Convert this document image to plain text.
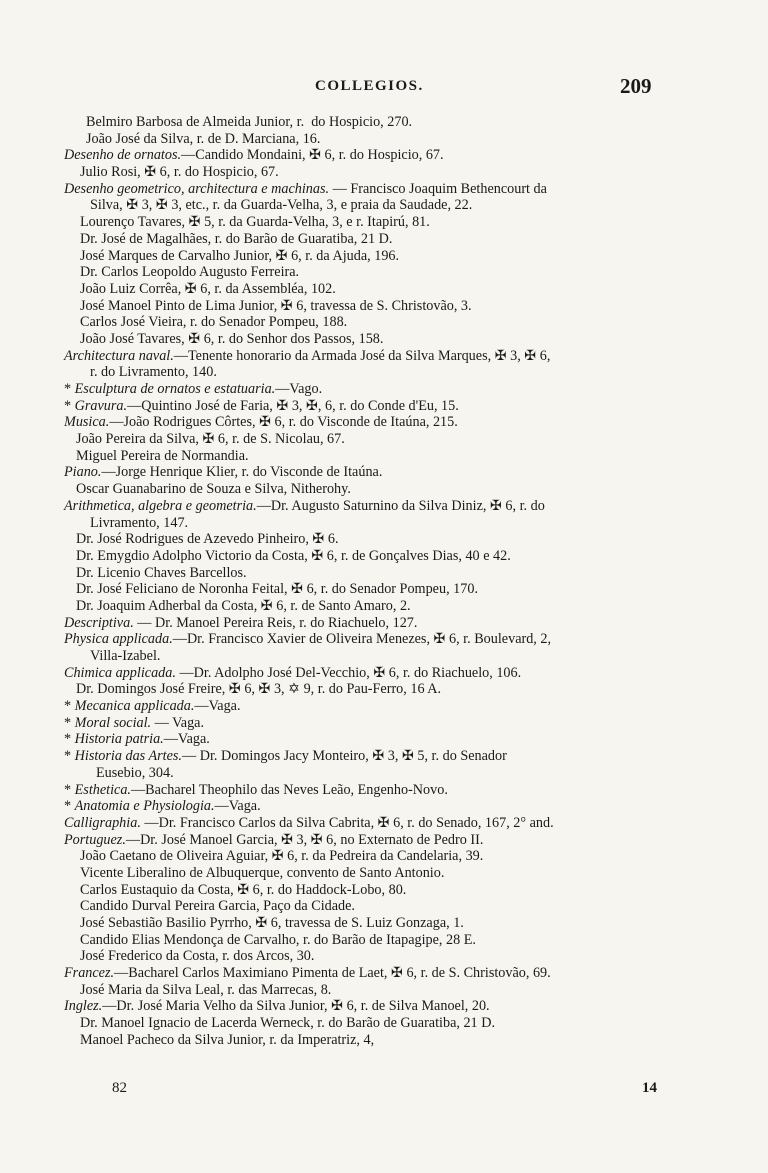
COLLEGIOS.	209
Belmiro Barbosa de Almeida Junior, r.  do Hospicio, 270.
João José da Silva, r. de D. Marciana, 16.
Desenho de ornatos.—Candido Mondaini, ✠ 6, r. do Hospicio, 67.
Julio Rosi, ✠ 6, r. do Hospicio, 67.
Desenho geometrico, architectura e machinas. — Francisco Joaquim Bethencourt da
Silva, ✠ 3, ✠ 3, etc., r. da Guarda-Velha, 3, e praia da Saudade, 22.
Lourenço Tavares, ✠ 5, r. da Guarda-Velha, 3, e r. Itapirú, 81.
Dr. José de Magalhães, r. do Barão de Guaratiba, 21 D.
José Marques de Carvalho Junior, ✠ 6, r. da Ajuda, 196.
Dr. Carlos Leopoldo Augusto Ferreira.
João Luiz Corrêa, ✠ 6, r. da Assembléa, 102.
José Manoel Pinto de Lima Junior, ✠ 6, travessa de S. Christovão, 3.
Carlos José Vieira, r. do Senador Pompeu, 188.
João José Tavares, ✠ 6, r. do Senhor dos Passos, 158.
Architectura naval.—Tenente honorario da Armada José da Silva Marques, ✠ 3, ✠ 6,
r. do Livramento, 140.
* Esculptura de ornatos e estatuaria.—Vago.
* Gravura.—Quintino José de Faria, ✠ 3, ✠, 6, r. do Conde d'Eu, 15.
Musica.—João Rodrigues Côrtes, ✠ 6, r. do Visconde de Itaúna, 215.
João Pereira da Silva, ✠ 6, r. de S. Nicolau, 67.
Miguel Pereira de Normandia.
Piano.—Jorge Henrique Klier, r. do Visconde de Itaúna.
Oscar Guanabarino de Souza e Silva, Nitherohy.
Arithmetica, algebra e geometria.—Dr. Augusto Saturnino da Silva Diniz, ✠ 6, r. do
Livramento, 147.
Dr. José Rodrigues de Azevedo Pinheiro, ✠ 6.
Dr. Emygdio Adolpho Victorio da Costa, ✠ 6, r. de Gonçalves Dias, 40 e 42.
Dr. Licenio Chaves Barcellos.
Dr. José Feliciano de Noronha Feital, ✠ 6, r. do Senador Pompeu, 170.
Dr. Joaquim Adherbal da Costa, ✠ 6, r. de Santo Amaro, 2.
Descriptiva. — Dr. Manoel Pereira Reis, r. do Riachuelo, 127.
Physica applicada.—Dr. Francisco Xavier de Oliveira Menezes, ✠ 6, r. Boulevard, 2,
Villa-Izabel.
Chimica applicada. —Dr. Adolpho José Del-Vecchio, ✠ 6, r. do Riachuelo, 106.
Dr. Domingos José Freire, ✠ 6, ✠ 3, ✡ 9, r. do Pau-Ferro, 16 A.
* Mecanica applicada.—Vaga.
* Moral social. — Vaga.
* Historia patria.—Vaga.
* Historia das Artes.— Dr. Domingos Jacy Monteiro, ✠ 3, ✠ 5, r. do Senador
Eusebio, 304.
* Esthetica.—Bacharel Theophilo das Neves Leão, Engenho-Novo.
* Anatomia e Physiologia.—Vaga.
Calligraphia. —Dr. Francisco Carlos da Silva Cabrita, ✠ 6, r. do Senado, 167, 2° and.
Portuguez.—Dr. José Manoel Garcia, ✠ 3, ✠ 6, no Externato de Pedro II.
João Caetano de Oliveira Aguiar, ✠ 6, r. da Pedreira da Candelaria, 39.
Vicente Liberalino de Albuquerque, convento de Santo Antonio.
Carlos Eustaquio da Costa, ✠ 6, r. do Haddock-Lobo, 80.
Candido Durval Pereira Garcia, Paço da Cidade.
José Sebastião Basilio Pyrrho, ✠ 6, travessa de S. Luiz Gonzaga, 1.
Candido Elias Mendonça de Carvalho, r. do Barão de Itapagipe, 28 E.
José Frederico da Costa, r. dos Arcos, 30.
Francez.—Bacharel Carlos Maximiano Pimenta de Laet, ✠ 6, r. de S. Christovão, 69.
José Maria da Silva Leal, r. das Marrecas, 8.
Inglez.—Dr. José Maria Velho da Silva Junior, ✠ 6, r. de Silva Manoel, 20.
Dr. Manoel Ignacio de Lacerda Werneck, r. do Barão de Guaratiba, 21 D.
Manoel Pacheco da Silva Junior, r. da Imperatriz, 4,
82	14
